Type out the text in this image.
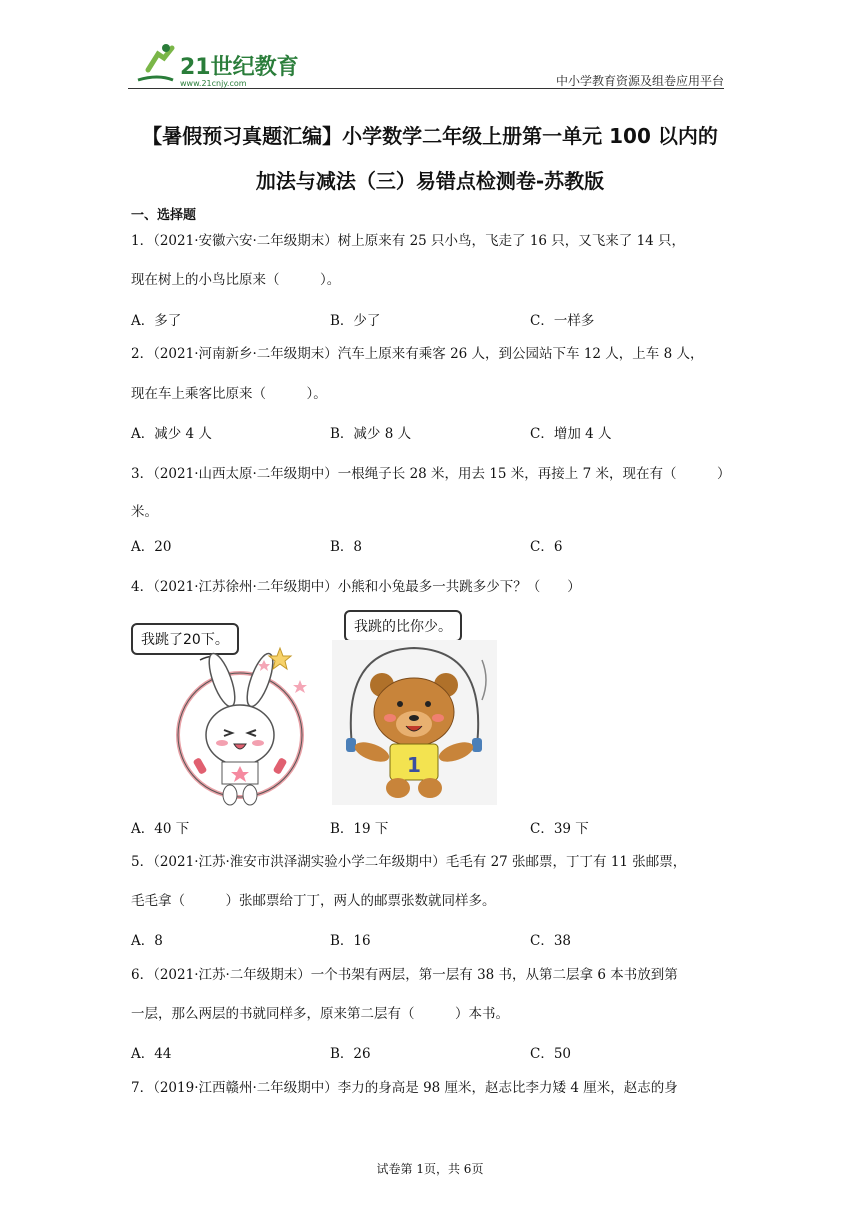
21世纪教育
www.21cnjy.com	中小学教育资源及组卷应用平台
【暑假预习真题汇编】小学数学二年级上册第一单元 100 以内的
加法与减法（三）易错点检测卷-苏教版
一、选择题
1．（2021·安徽六安·二年级期末）树上原来有 25 只小鸟，飞走了 16 只，又飞来了 14 只，
现在树上的小鸟比原来（　　　）。
A．多了	B．少了	C．一样多
2．（2021·河南新乡·二年级期末）汽车上原来有乘客 26 人，到公园站下车 12 人，上车 8 人，
现在车上乘客比原来（　　　）。
A．减少 4 人	B．减少 8 人	C．增加 4 人
3．（2021·山西太原·二年级期中）一根绳子长 28 米，用去 15 米，再接上 7 米，现在有（　　　）
米。
A．20	B．8	C．6
4．（2021·江苏徐州·二年级期中）小熊和小兔最多一共跳多少下？（　　）
我跳了20下。
我跳的比你少。
1
A．40 下	B．19 下	C．39 下
5．（2021·江苏·淮安市洪泽湖实验小学二年级期中）毛毛有 27 张邮票，丁丁有 11 张邮票，
毛毛拿（　　　）张邮票给丁丁，两人的邮票张数就同样多。
A．8	B．16	C．38
6．（2021·江苏·二年级期末）一个书架有两层，第一层有 38 书，从第二层拿 6 本书放到第
一层，那么两层的书就同样多，原来第二层有（　　　）本书。
A．44	B．26	C．50
7．（2019·江西赣州·二年级期中）李力的身高是 98 厘米，赵志比李力矮 4 厘米，赵志的身
试卷第 1页，共 6页
